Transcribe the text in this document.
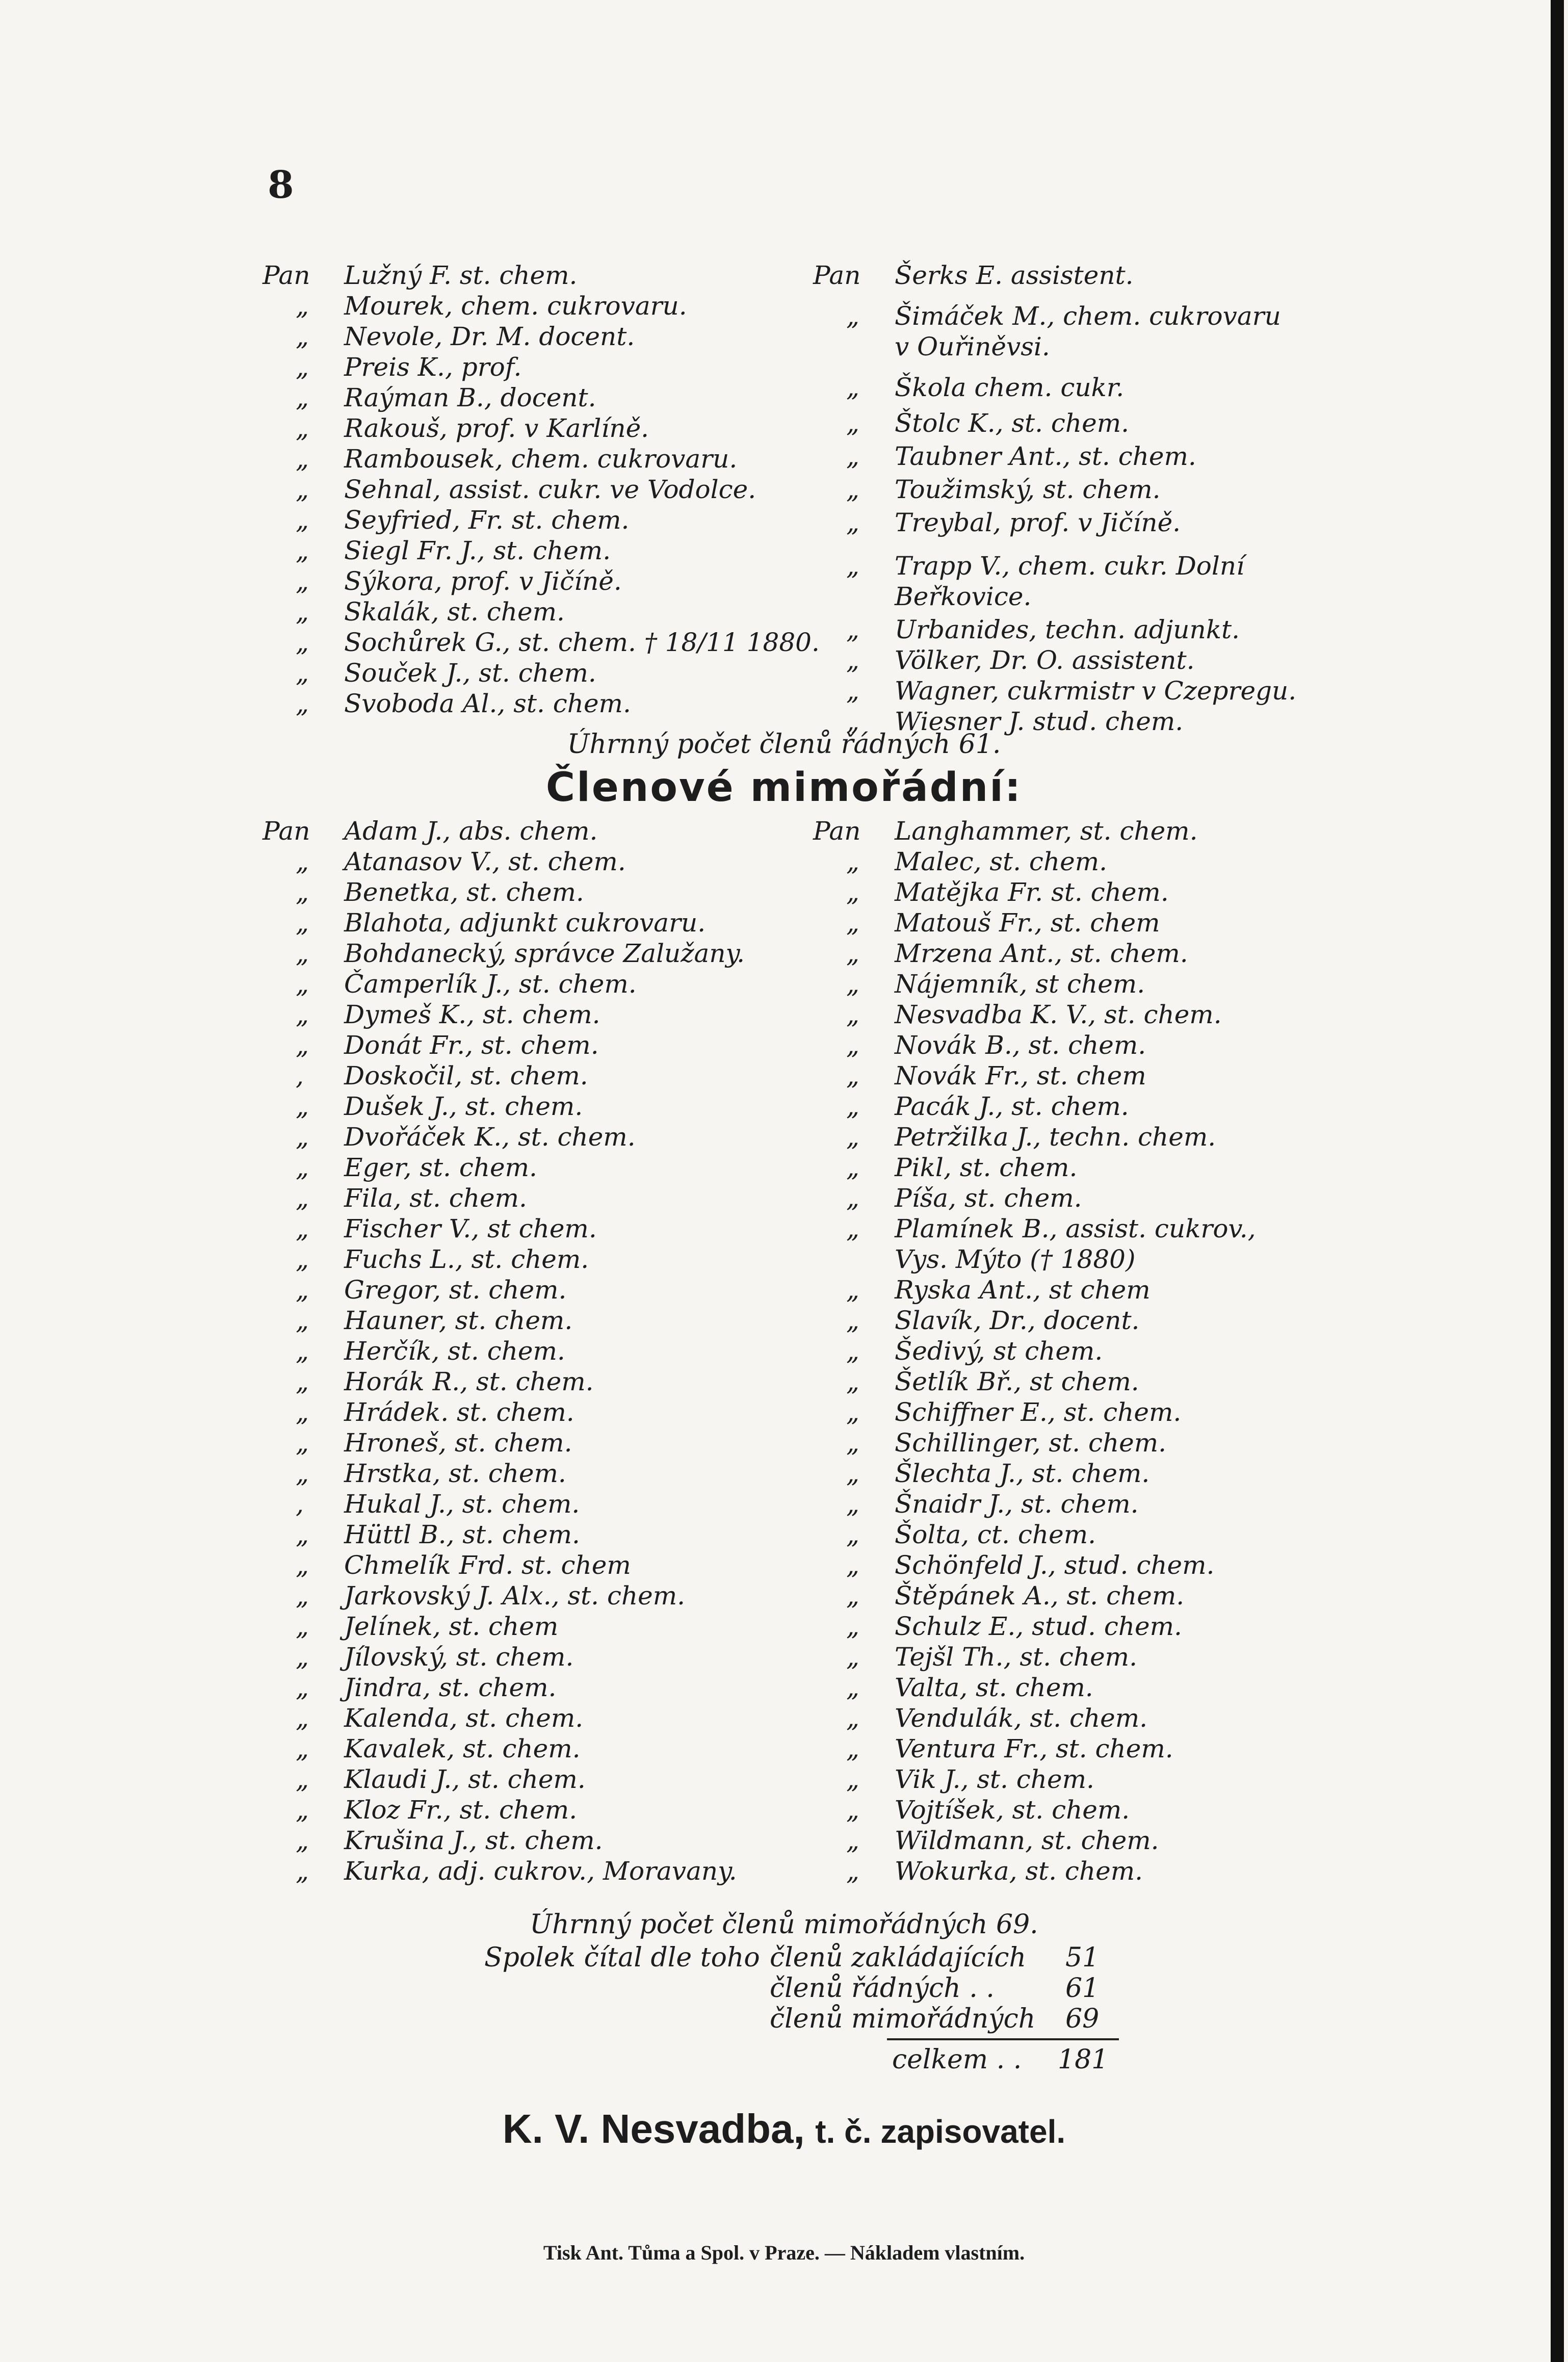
8
Pan	Lužný F. st. chem.
„	Mourek, chem. cukrovaru.
„	Nevole, Dr. M. docent.
„	Preis K., prof.
„	Raýman B., docent.
„	Rakouš, prof. v Karlíně.
„	Rambousek, chem. cukrovaru.
„	Sehnal, assist. cukr. ve Vodolce.
„	Seyfried, Fr. st. chem.
„	Siegl Fr. J., st. chem.
„	Sýkora, prof. v Jičíně.
„	Skalák, st. chem.
„	Sochůrek G., st. chem. † 18/11 1880.
„	Souček J., st. chem.
„	Svoboda Al., st. chem.
Pan	Šerks E. assistent.
„	Šimáček M., chem. cukrovaru
v Ouřiněvsi.
„	Škola chem. cukr.
„	Štolc K., st. chem.
„	Taubner Ant., st. chem.
„	Toužimský, st. chem.
„	Treybal, prof. v Jičíně.
„	Trapp V., chem. cukr. Dolní
Beřkovice.
„	Urbanides, techn. adjunkt.
„	Völker, Dr. O. assistent.
„	Wagner, cukrmistr v Czepregu.
„	Wiesner J. stud. chem.
Úhrnný počet členů řádných 61.
Členové mimořádní:
Pan	Adam J., abs. chem.
„	Atanasov V., st. chem.
„	Benetka, st. chem.
„	Blahota, adjunkt cukrovaru.
„	Bohdanecký, správce Zalužany.
„	Čamperlík J., st. chem.
„	Dymeš K., st. chem.
„	Donát Fr., st. chem.
,	Doskočil, st. chem.
„	Dušek J., st. chem.
„	Dvořáček K., st. chem.
„	Eger, st. chem.
„	Fila, st. chem.
„	Fischer V., st chem.
„	Fuchs L., st. chem.
„	Gregor, st. chem.
„	Hauner, st. chem.
„	Herčík, st. chem.
„	Horák R., st. chem.
„	Hrádek. st. chem.
„	Hroneš, st. chem.
„	Hrstka, st. chem.
,	Hukal J., st. chem.
„	Hüttl B., st. chem.
„	Chmelík Frd. st. chem
„	Jarkovský J. Alx., st. chem.
„	Jelínek, st. chem
„	Jílovský, st. chem.
„	Jindra, st. chem.
„	Kalenda, st. chem.
„	Kavalek, st. chem.
„	Klaudi J., st. chem.
„	Kloz Fr., st. chem.
„	Krušina J., st. chem.
„	Kurka, adj. cukrov., Moravany.
Pan	Langhammer, st. chem.
„	Malec, st. chem.
„	Matějka Fr. st. chem.
„	Matouš Fr., st. chem
„	Mrzena Ant., st. chem.
„	Nájemník, st chem.
„	Nesvadba K. V., st. chem.
„	Novák B., st. chem.
„	Novák Fr., st. chem
„	Pacák J., st. chem.
„	Petržilka J., techn. chem.
„	Pikl, st. chem.
„	Píša, st. chem.
„	Plamínek B., assist. cukrov.,
Vys. Mýto († 1880)
„	Ryska Ant., st chem
„	Slavík, Dr., docent.
„	Šedivý, st chem.
„	Šetlík Bř., st chem.
„	Schiffner E., st. chem.
„	Schillinger, st. chem.
„	Šlechta J., st. chem.
„	Šnaidr J., st. chem.
„	Šolta, ct. chem.
„	Schönfeld J., stud. chem.
„	Štěpánek A., st. chem.
„	Schulz E., stud. chem.
„	Tejšl Th., st. chem.
„	Valta, st. chem.
„	Vendulák, st. chem.
„	Ventura Fr., st. chem.
„	Vik J., st. chem.
„	Vojtíšek, st. chem.
„	Wildmann, st. chem.
„	Wokurka, st. chem.
Úhrnný počet členů mimořádných 69.
Spolek čítal dle toho členů zakládajících 51
členů řádných . .	61
členů mimořádných 69
celkem . . 181
K. V. Nesvadba, t. č. zapisovatel.
Tisk Ant. Tůma a Spol. v Praze. — Nákladem vlastním.
